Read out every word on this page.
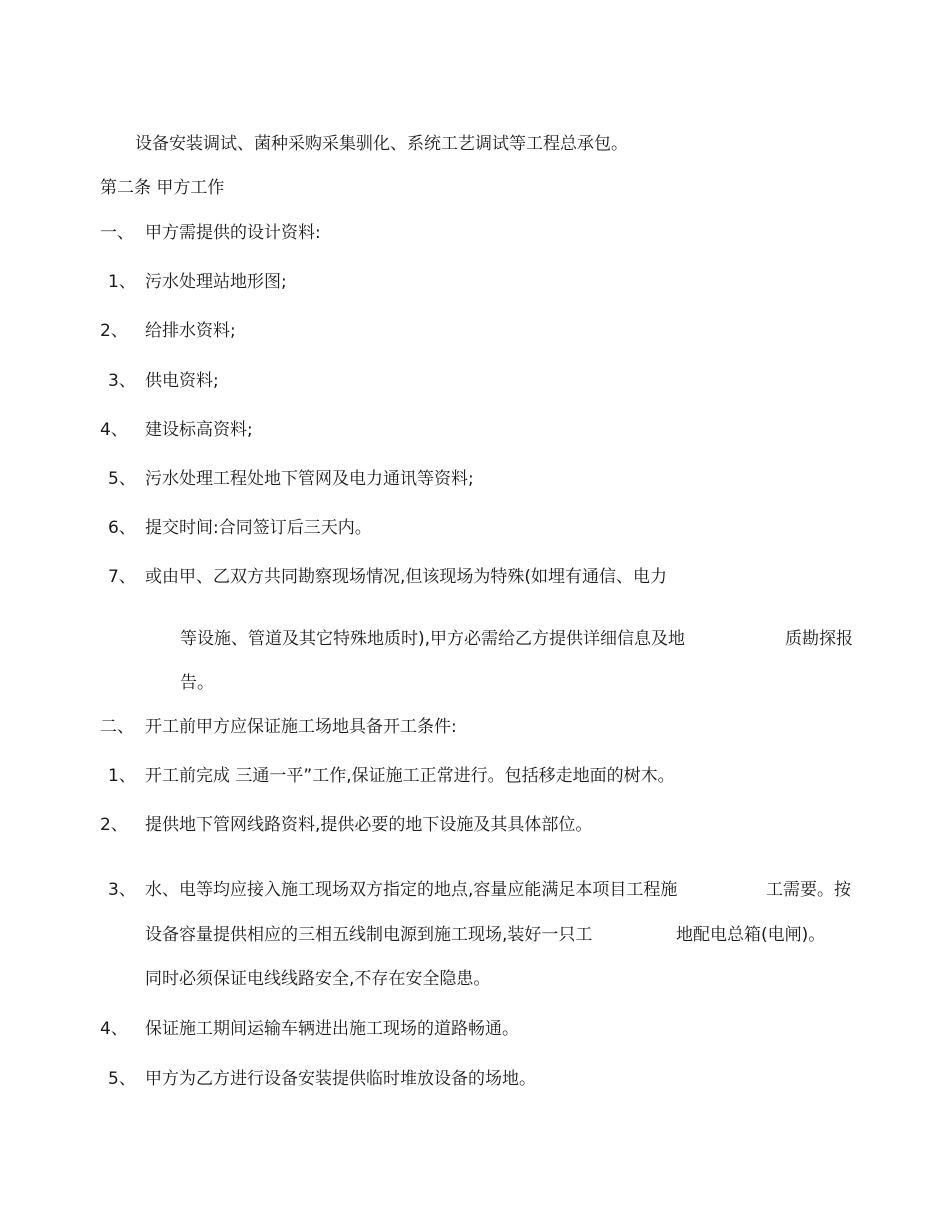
设备安装调试、菌种采购采集驯化、系统工艺调试等工程总承包。
第二条 甲方工作
一、 甲方需提供的设计资料:
1、 污水处理站地形图;
2、 给排水资料;
3、 供电资料;
4、 建设标高资料;
5、 污水处理工程处地下管网及电力通讯等资料;
6、 提交时间:合同签订后三天内。
7、 或由甲、乙双方共同勘察现场情况,但该现场为特殊(如埋有通信、电力
等设施、管道及其它特殊地质时),甲方必需给乙方提供详细信息及地	质勘探报
告。
二、 开工前甲方应保证施工场地具备开工条件:
1、 开工前完成 三通一平”工作,保证施工正常进行。包括移走地面的树木。
2、 提供地下管网线路资料,提供必要的地下设施及其具体部位。
3、 水、电等均应接入施工现场双方指定的地点,容量应能满足本项目工程施	工需要。按
设备容量提供相应的三相五线制电源到施工现场,装好一只工	地配电总箱(电闸)。
同时必须保证电线线路安全,不存在安全隐患。
4、 保证施工期间运输车辆进出施工现场的道路畅通。
5、 甲方为乙方进行设备安装提供临时堆放设备的场地。
